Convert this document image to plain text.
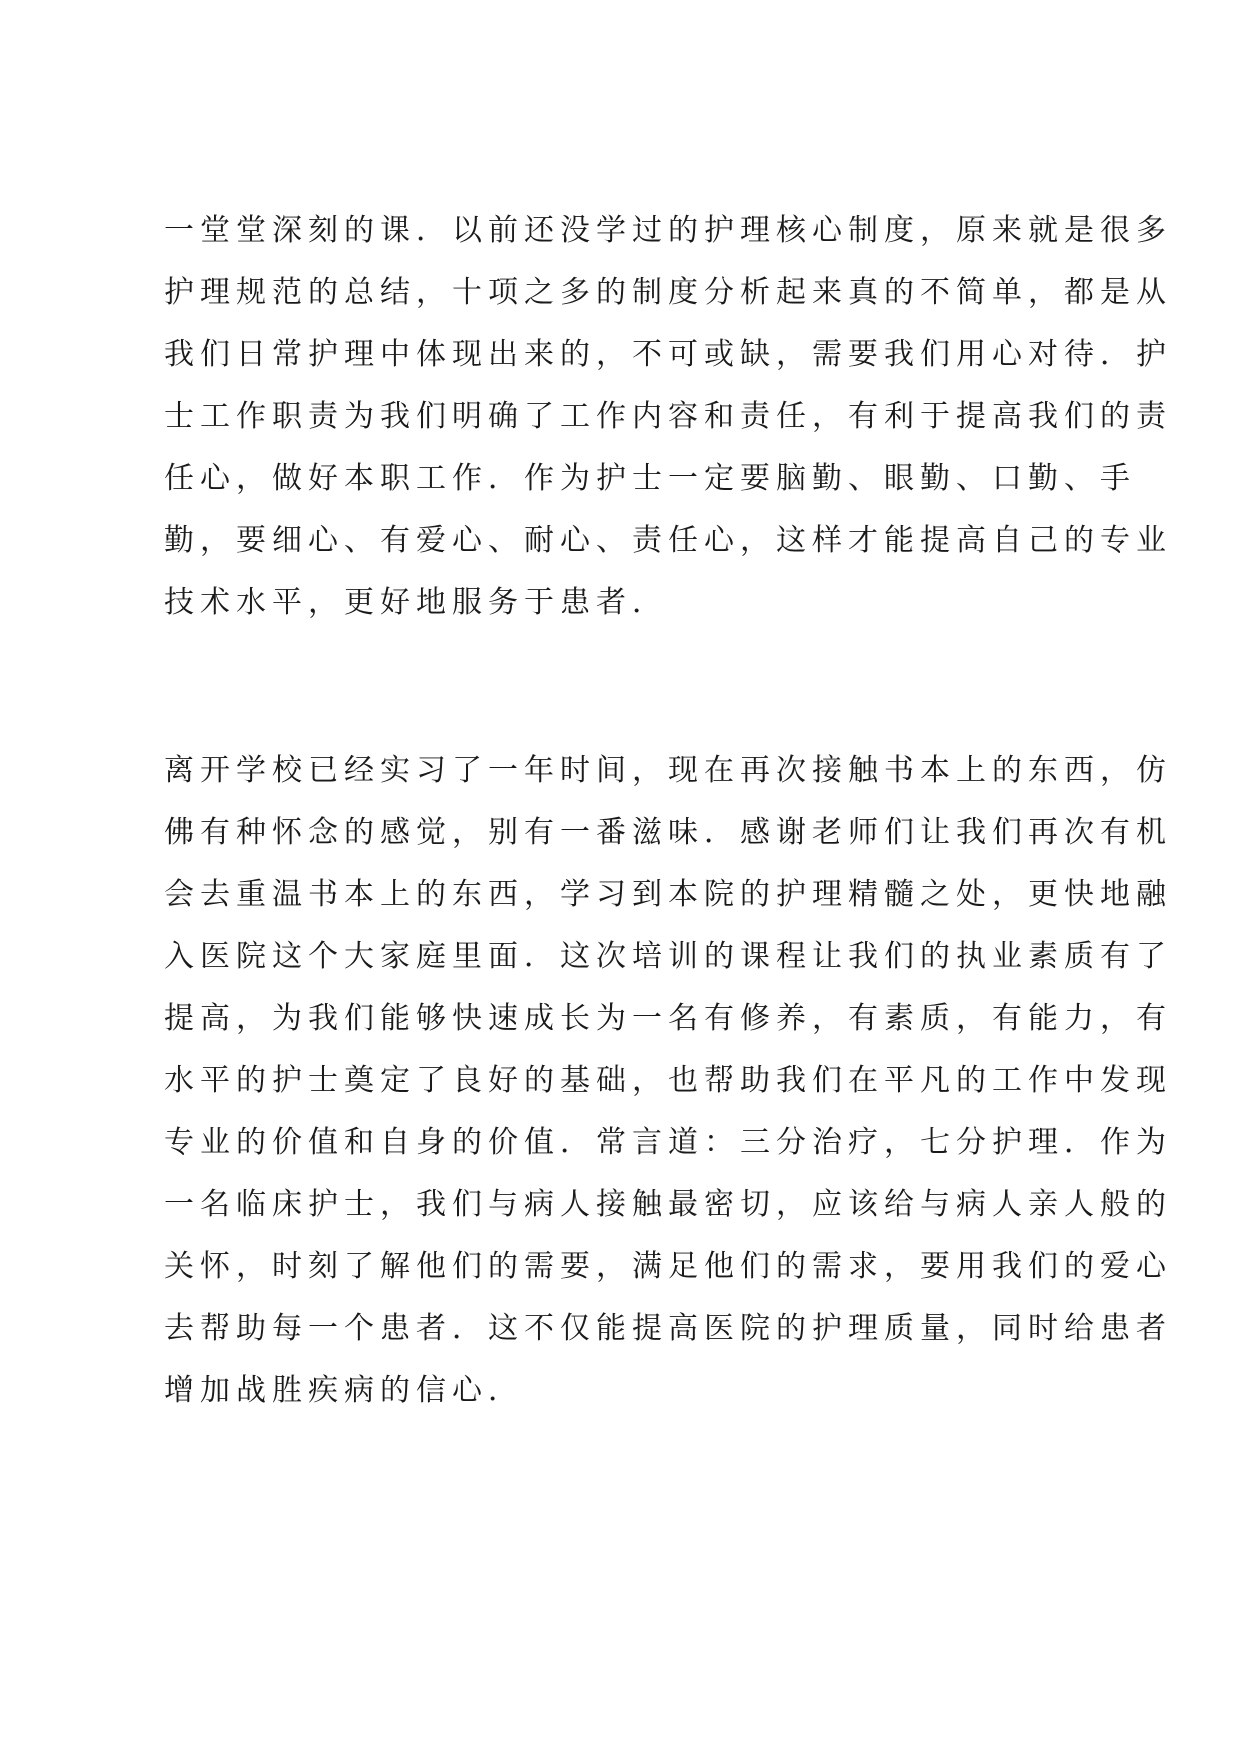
一堂堂深刻的课．以前还没学过的护理核心制度，原来就是很多
护理规范的总结，十项之多的制度分析起来真的不简单，都是从
我们日常护理中体现出来的，不可或缺，需要我们用心对待．护
士工作职责为我们明确了工作内容和责任，有利于提高我们的责
任心，做好本职工作．作为护士一定要脑勤、眼勤、口勤、手
勤，要细心、有爱心、耐心、责任心，这样才能提高自己的专业
技术水平，更好地服务于患者．
离开学校已经实习了一年时间，现在再次接触书本上的东西，仿
佛有种怀念的感觉，别有一番滋味．感谢老师们让我们再次有机
会去重温书本上的东西，学习到本院的护理精髓之处，更快地融
入医院这个大家庭里面．这次培训的课程让我们的执业素质有了
提高，为我们能够快速成长为一名有修养，有素质，有能力，有
水平的护士奠定了良好的基础，也帮助我们在平凡的工作中发现
专业的价值和自身的价值．常言道：三分治疗，七分护理．作为
一名临床护士，我们与病人接触最密切，应该给与病人亲人般的
关怀，时刻了解他们的需要，满足他们的需求，要用我们的爱心
去帮助每一个患者．这不仅能提高医院的护理质量，同时给患者
增加战胜疾病的信心．
